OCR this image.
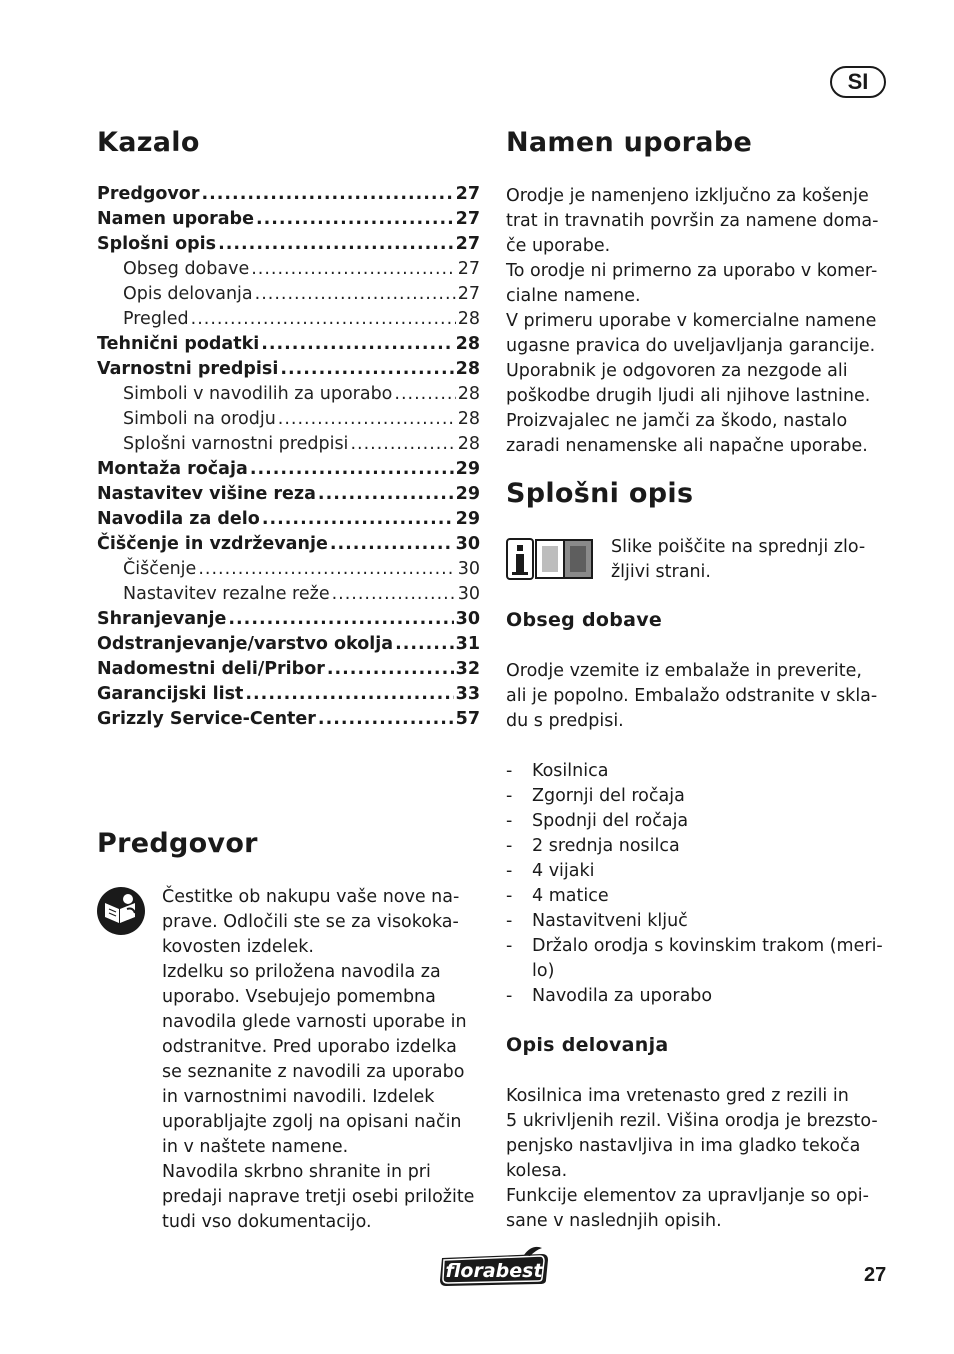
SI
Kazalo
Predgovor .....	27
Namen uporabe .....	27
Splošni opis .....	27
Obseg dobave .....	27
Opis delovanja .....	27
Pregled .....	28
Tehnični podatki .....	28
Varnostni predpisi .....	28
Simboli v navodilih za uporabo .....	28
Simboli na orodju .....	28
Splošni varnostni predpisi .....	28
Montaža ročaja .....	29
Nastavitev višine reza .....	29
Navodila za delo .....	29
Čiščenje in vzdrževanje .....	30
Čiščenje .....	30
Nastavitev rezalne reže .....	30
Shranjevanje .....	30
Odstranjevanje/varstvo okolja .....	31
Nadomestni deli/Pribor .....	32
Garancijski list .....	33
Grizzly Service-Center .....	57
Predgovor
Čestitke ob nakupu vaše nove na-
prave. Odločili ste se za visokoka-
kovosten izdelek.
Izdelku so priložena navodila za
uporabo. Vsebujejo pomembna
navodila glede varnosti uporabe in
odstranitve. Pred uporabo izdelka
se seznanite z navodili za uporabo
in varnostnimi navodili. Izdelek
uporabljajte zgolj na opisani način
in v naštete namene.
Navodila skrbno shranite in pri
predaji naprave tretji osebi priložite
tudi vso dokumentacijo.
Namen uporabe
Orodje je namenjeno izključno za košenje
trat in travnatih površin za namene doma-
če uporabe.
To orodje ni primerno za uporabo v komer-
cialne namene.
V primeru uporabe v komercialne namene
ugasne pravica do uveljavljanja garancije.
Uporabnik je odgovoren za nezgode ali
poškodbe drugih ljudi ali njihove lastnine.
Proizvajalec ne jamči za škodo, nastalo
zaradi nenamenske ali napačne uporabe.
Splošni opis
Slike poiščite na sprednji zlo-
žljivi strani.
Obseg dobave
Orodje vzemite iz embalaže in preverite,
ali je popolno. Embalažo odstranite v skla-
du s predpisi.
-	Kosilnica
-	Zgornji del ročaja
-	Spodnji del ročaja
-	2 srednja nosilca
-	4 vijaki
-	4 matice
-	Nastavitveni ključ
-	Držalo orodja s kovinskim trakom (meri-
lo)
-	Navodila za uporabo
Opis delovanja
Kosilnica ima vretenasto gred z rezili in
5 ukrivljenih rezil. Višina orodja je brezsto-
penjsko nastavljiva in ima gladko tekoča
kolesa.
Funkcije elementov za upravljanje so opi-
sane v naslednjih opisih.
florabest	27
